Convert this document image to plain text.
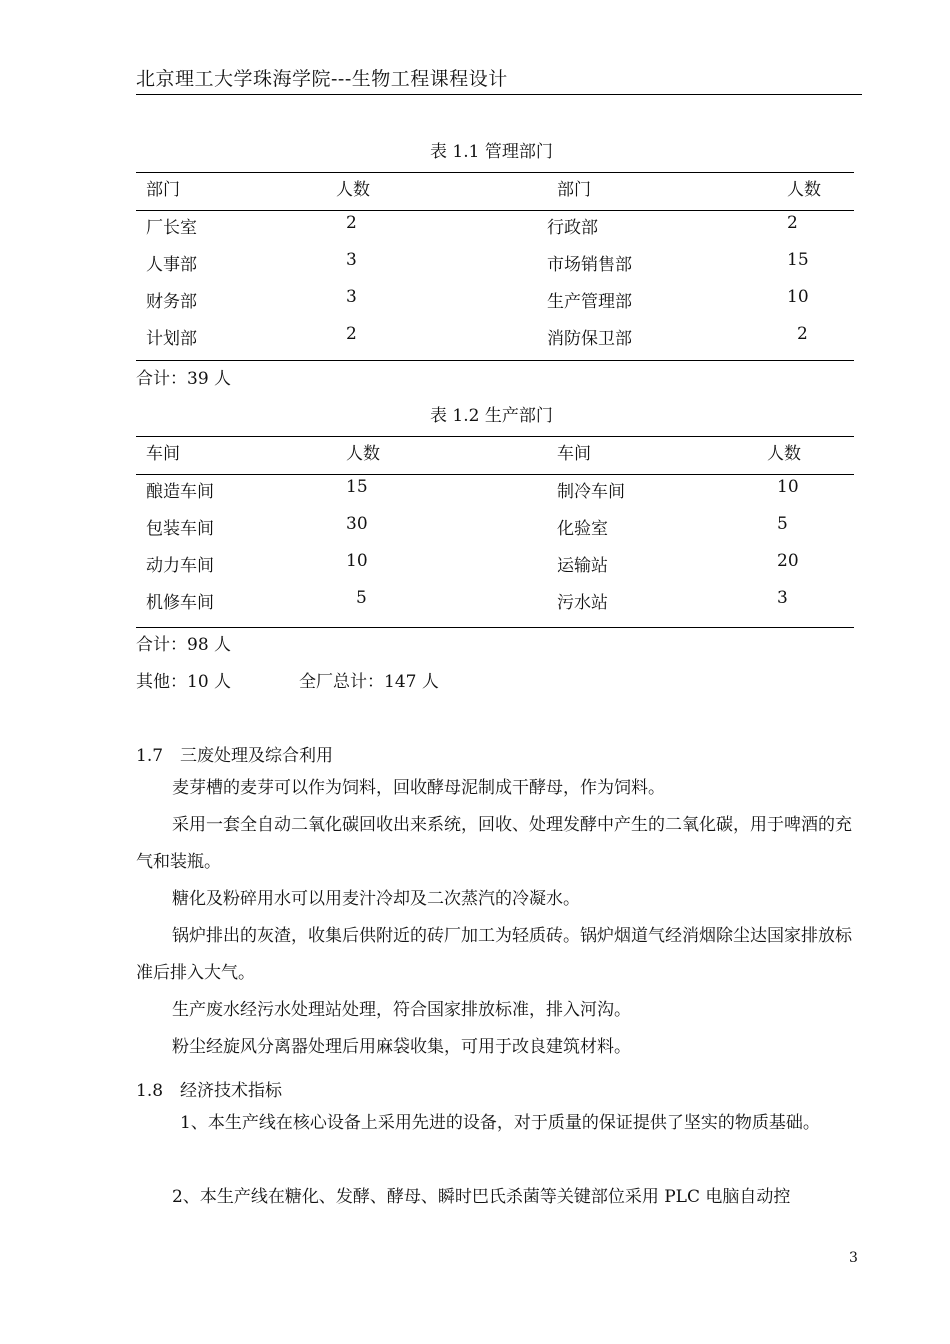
北京理工大学珠海学院---生物工程课程设计
表 1.1 管理部门
部门	人数	部门	人数
厂长室	2	行政部	2
人事部	3	市场销售部	15
财务部	3	生产管理部	10
计划部	2	消防保卫部	2
合计：39 人
表 1.2 生产部门
车间	人数	车间	人数
酿造车间	15	制冷车间	10
包装车间	30	化验室	5
动力车间	10	运输站	20
机修车间	5	污水站	3
合计：98 人
其他：10 人	全厂总计：147 人
1.7　三废处理及综合利用
麦芽槽的麦芽可以作为饲料，回收酵母泥制成干酵母，作为饲料。
采用一套全自动二氧化碳回收出来系统，回收、处理发酵中产生的二氧化碳，用于啤酒的充气和装瓶。
糖化及粉碎用水可以用麦汁冷却及二次蒸汽的冷凝水。
锅炉排出的灰渣，收集后供附近的砖厂加工为轻质砖。锅炉烟道气经消烟除尘达国家排放标准后排入大气。
生产废水经污水处理站处理，符合国家排放标准，排入河沟。
粉尘经旋风分离器处理后用麻袋收集，可用于改良建筑材料。
1.8　经济技术指标
1、本生产线在核心设备上采用先进的设备，对于质量的保证提供了坚实的物质基础。
2、本生产线在糖化、发酵、酵母、瞬时巴氏杀菌等关键部位采用 PLC 电脑自动控
3
